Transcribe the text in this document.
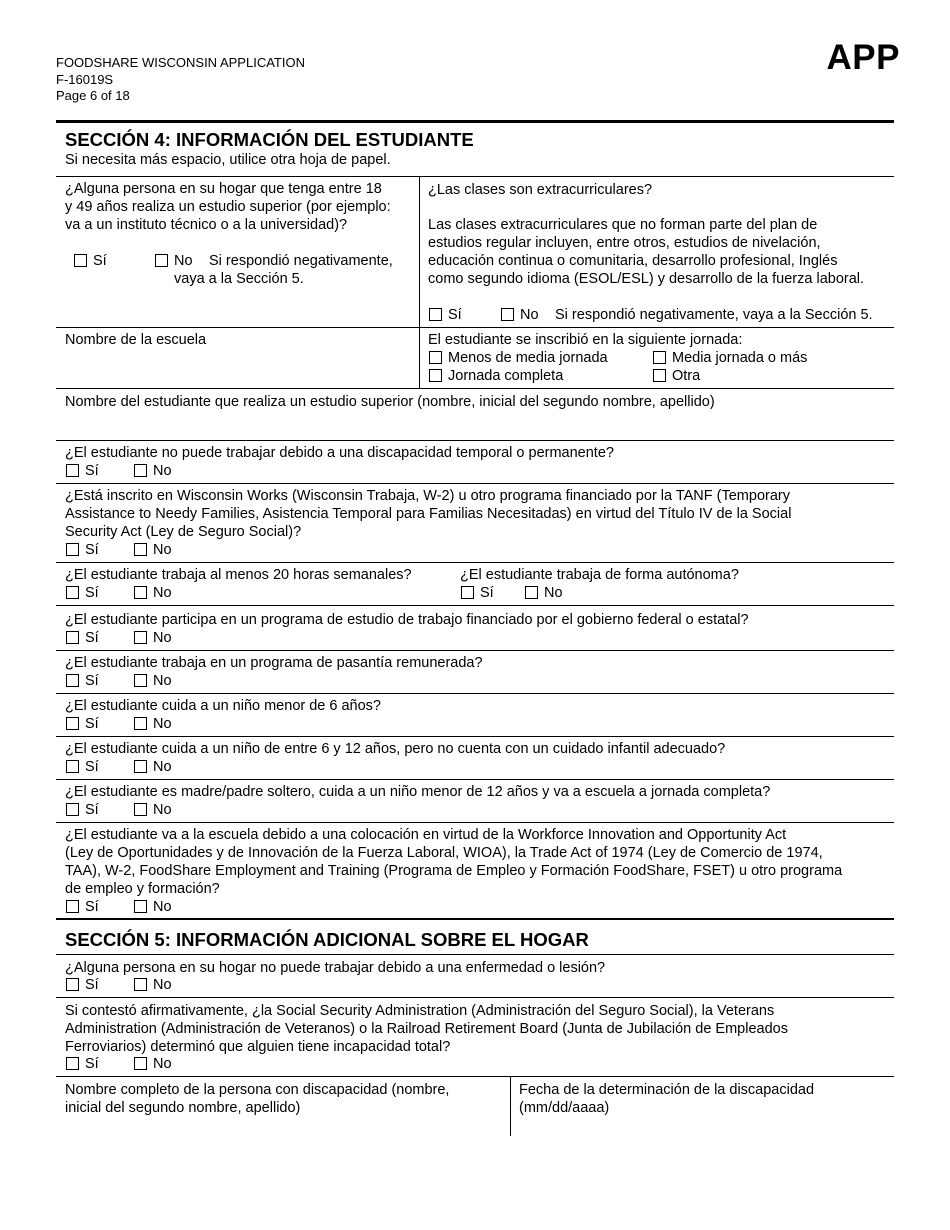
FOODSHARE WISCONSIN APPLICATION
F-16019S
Page 6 of 18
APP
SECCIÓN 4: INFORMACIÓN DEL ESTUDIANTE
Si necesita más espacio, utilice otra hoja de papel.
¿Alguna persona en su hogar que tenga entre 18
y 49 años realiza un estudio superior (por ejemplo:
va a un instituto técnico o a la universidad)?
Sí	No Si respondió negativamente,
vaya a la Sección 5.
¿Las clases son extracurriculares?
Las clases extracurriculares que no forman parte del plan de
estudios regular incluyen, entre otros, estudios de nivelación,
educación continua o comunitaria, desarrollo profesional, Inglés
como segundo idioma (ESOL/ESL) y desarrollo de la fuerza laboral.
Sí	No Si respondió negativamente, vaya a la Sección 5.
Nombre de la escuela	El estudiante se inscribió en la siguiente jornada:
Menos de media jornada	Media jornada o más
Jornada completa	Otra
Nombre del estudiante que realiza un estudio superior (nombre, inicial del segundo nombre, apellido)
¿El estudiante no puede trabajar debido a una discapacidad temporal o permanente?
Sí	No
¿Está inscrito en Wisconsin Works (Wisconsin Trabaja, W-2) u otro programa financiado por la TANF (Temporary
Assistance to Needy Families, Asistencia Temporal para Familias Necesitadas) en virtud del Título IV de la Social
Security Act (Ley de Seguro Social)?
Sí	No
¿El estudiante trabaja al menos 20 horas semanales?
Sí	No
¿El estudiante trabaja de forma autónoma?
Sí	No
¿El estudiante participa en un programa de estudio de trabajo financiado por el gobierno federal o estatal?
Sí	No
¿El estudiante trabaja en un programa de pasantía remunerada?
Sí	No
¿El estudiante cuida a un niño menor de 6 años?
Sí	No
¿El estudiante cuida a un niño de entre 6 y 12 años, pero no cuenta con un cuidado infantil adecuado?
Sí	No
¿El estudiante es madre/padre soltero, cuida a un niño menor de 12 años y va a escuela a jornada completa?
Sí	No
¿El estudiante va a la escuela debido a una colocación en virtud de la Workforce Innovation and Opportunity Act
(Ley de Oportunidades y de Innovación de la Fuerza Laboral, WIOA), la Trade Act of 1974 (Ley de Comercio de 1974,
TAA), W-2, FoodShare Employment and Training (Programa de Empleo y Formación FoodShare, FSET) u otro programa
de empleo y formación?
Sí	No
SECCIÓN 5: INFORMACIÓN ADICIONAL SOBRE EL HOGAR
¿Alguna persona en su hogar no puede trabajar debido a una enfermedad o lesión?
Sí	No
Si contestó afirmativamente, ¿la Social Security Administration (Administración del Seguro Social), la Veterans
Administration (Administración de Veteranos) o la Railroad Retirement Board (Junta de Jubilación de Empleados
Ferroviarios) determinó que alguien tiene incapacidad total?
Sí	No
Nombre completo de la persona con discapacidad (nombre,
inicial del segundo nombre, apellido)
Fecha de la determinación de la discapacidad
(mm/dd/aaaa)
